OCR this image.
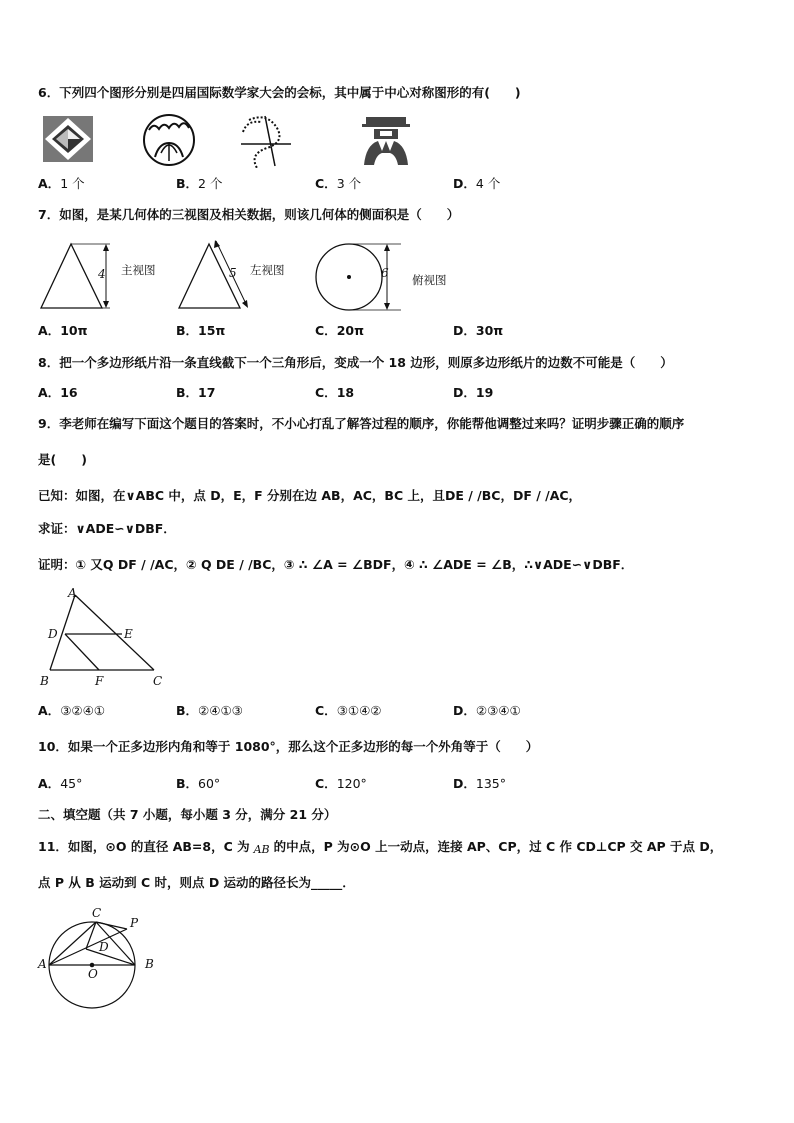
6．下列四个图形分别是四届国际数学家大会的会标，其中属于中心对称图形的有(　　)
A．1 个	B．2 个	C．3 个	D．4 个
7．如图，是某几何体的三视图及相关数据，则该几何体的侧面积是（　　）
4 主视图	5 左视图	6 俯视图
A．10π	B．15π	C．20π	D．30π
8．把一个多边形纸片沿一条直线截下一个三角形后，变成一个 18 边形，则原多边形纸片的边数不可能是（　　）
A．16	B．17	C．18	D．19
9．李老师在编写下面这个题目的答案时，不小心打乱了解答过程的顺序，你能帮他调整过来吗？证明步骤正确的顺序
是(　　)
已知：如图，在∨ABC 中，点 D，E，F 分别在边 AB，AC，BC 上，且DE / /BC，DF / /AC，
求证：∨ADE∽∨DBF．
证明：① 又Q DF / /AC，② Q DE / /BC，③ ∴ ∠A = ∠BDF，④ ∴ ∠ADE = ∠B，∴∨ADE∽∨DBF．
A
D	E
B	F	C
A．③②④①	B．②④①③	C．③①④②	D．②③④①
10．如果一个正多边形内角和等于 1080°，那么这个正多边形的每一个外角等于（　　）
A．45°	B．60°	C．120°	D．135°
二、填空题（共 7 小题，每小题 3 分，满分 21 分）
11．如图，⊙O 的直径 AB=8，C 为 AB 的中点，P 为⊙O 上一动点，连接 AP、CP，过 C 作 CD⊥CP 交 AP 于点 D，
点 P 从 B 运动到 C 时，则点 D 运动的路径长为_____．
C
P
D
A	B
O
